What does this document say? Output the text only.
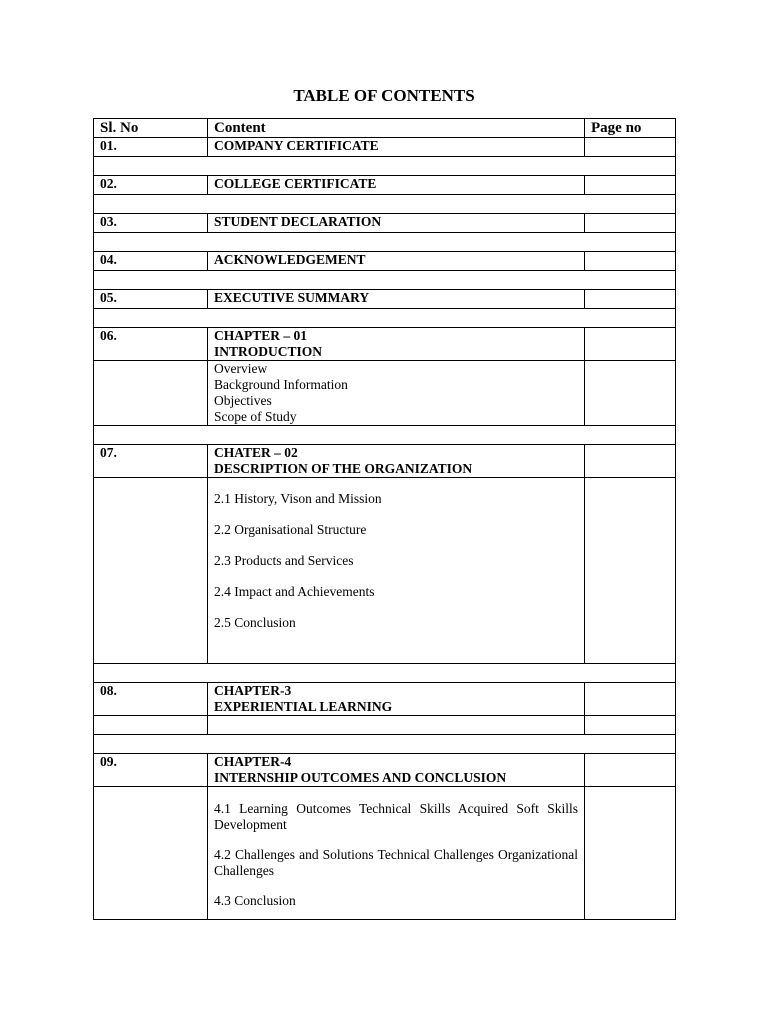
TABLE OF CONTENTS
Sl. No	Content	Page no
01.	COMPANY CERTIFICATE	

02.	COLLEGE CERTIFICATE	

03.	STUDENT DECLARATION	

04.	ACKNOWLEDGEMENT	

05.	EXECUTIVE SUMMARY	

06.	CHAPTER – 01
INTRODUCTION	

	Overview
Background Information
Objectives
Scope of Study	

07.	CHATER – 02
DESCRIPTION OF THE ORGANIZATION	

	2.1 History, Vison and Mission
2.2 Organisational Structure
2.3 Products and Services
2.4 Impact and Achievements
2.5 Conclusion	

08.	CHAPTER-3
EXPERIENTIAL LEARNING	

09.	CHAPTER-4
INTERNSHIP OUTCOMES AND CONCLUSION	

	4.1 Learning Outcomes Technical Skills Acquired Soft Skills Development
4.2 Challenges and Solutions Technical Challenges Organizational Challenges
4.3 Conclusion	
